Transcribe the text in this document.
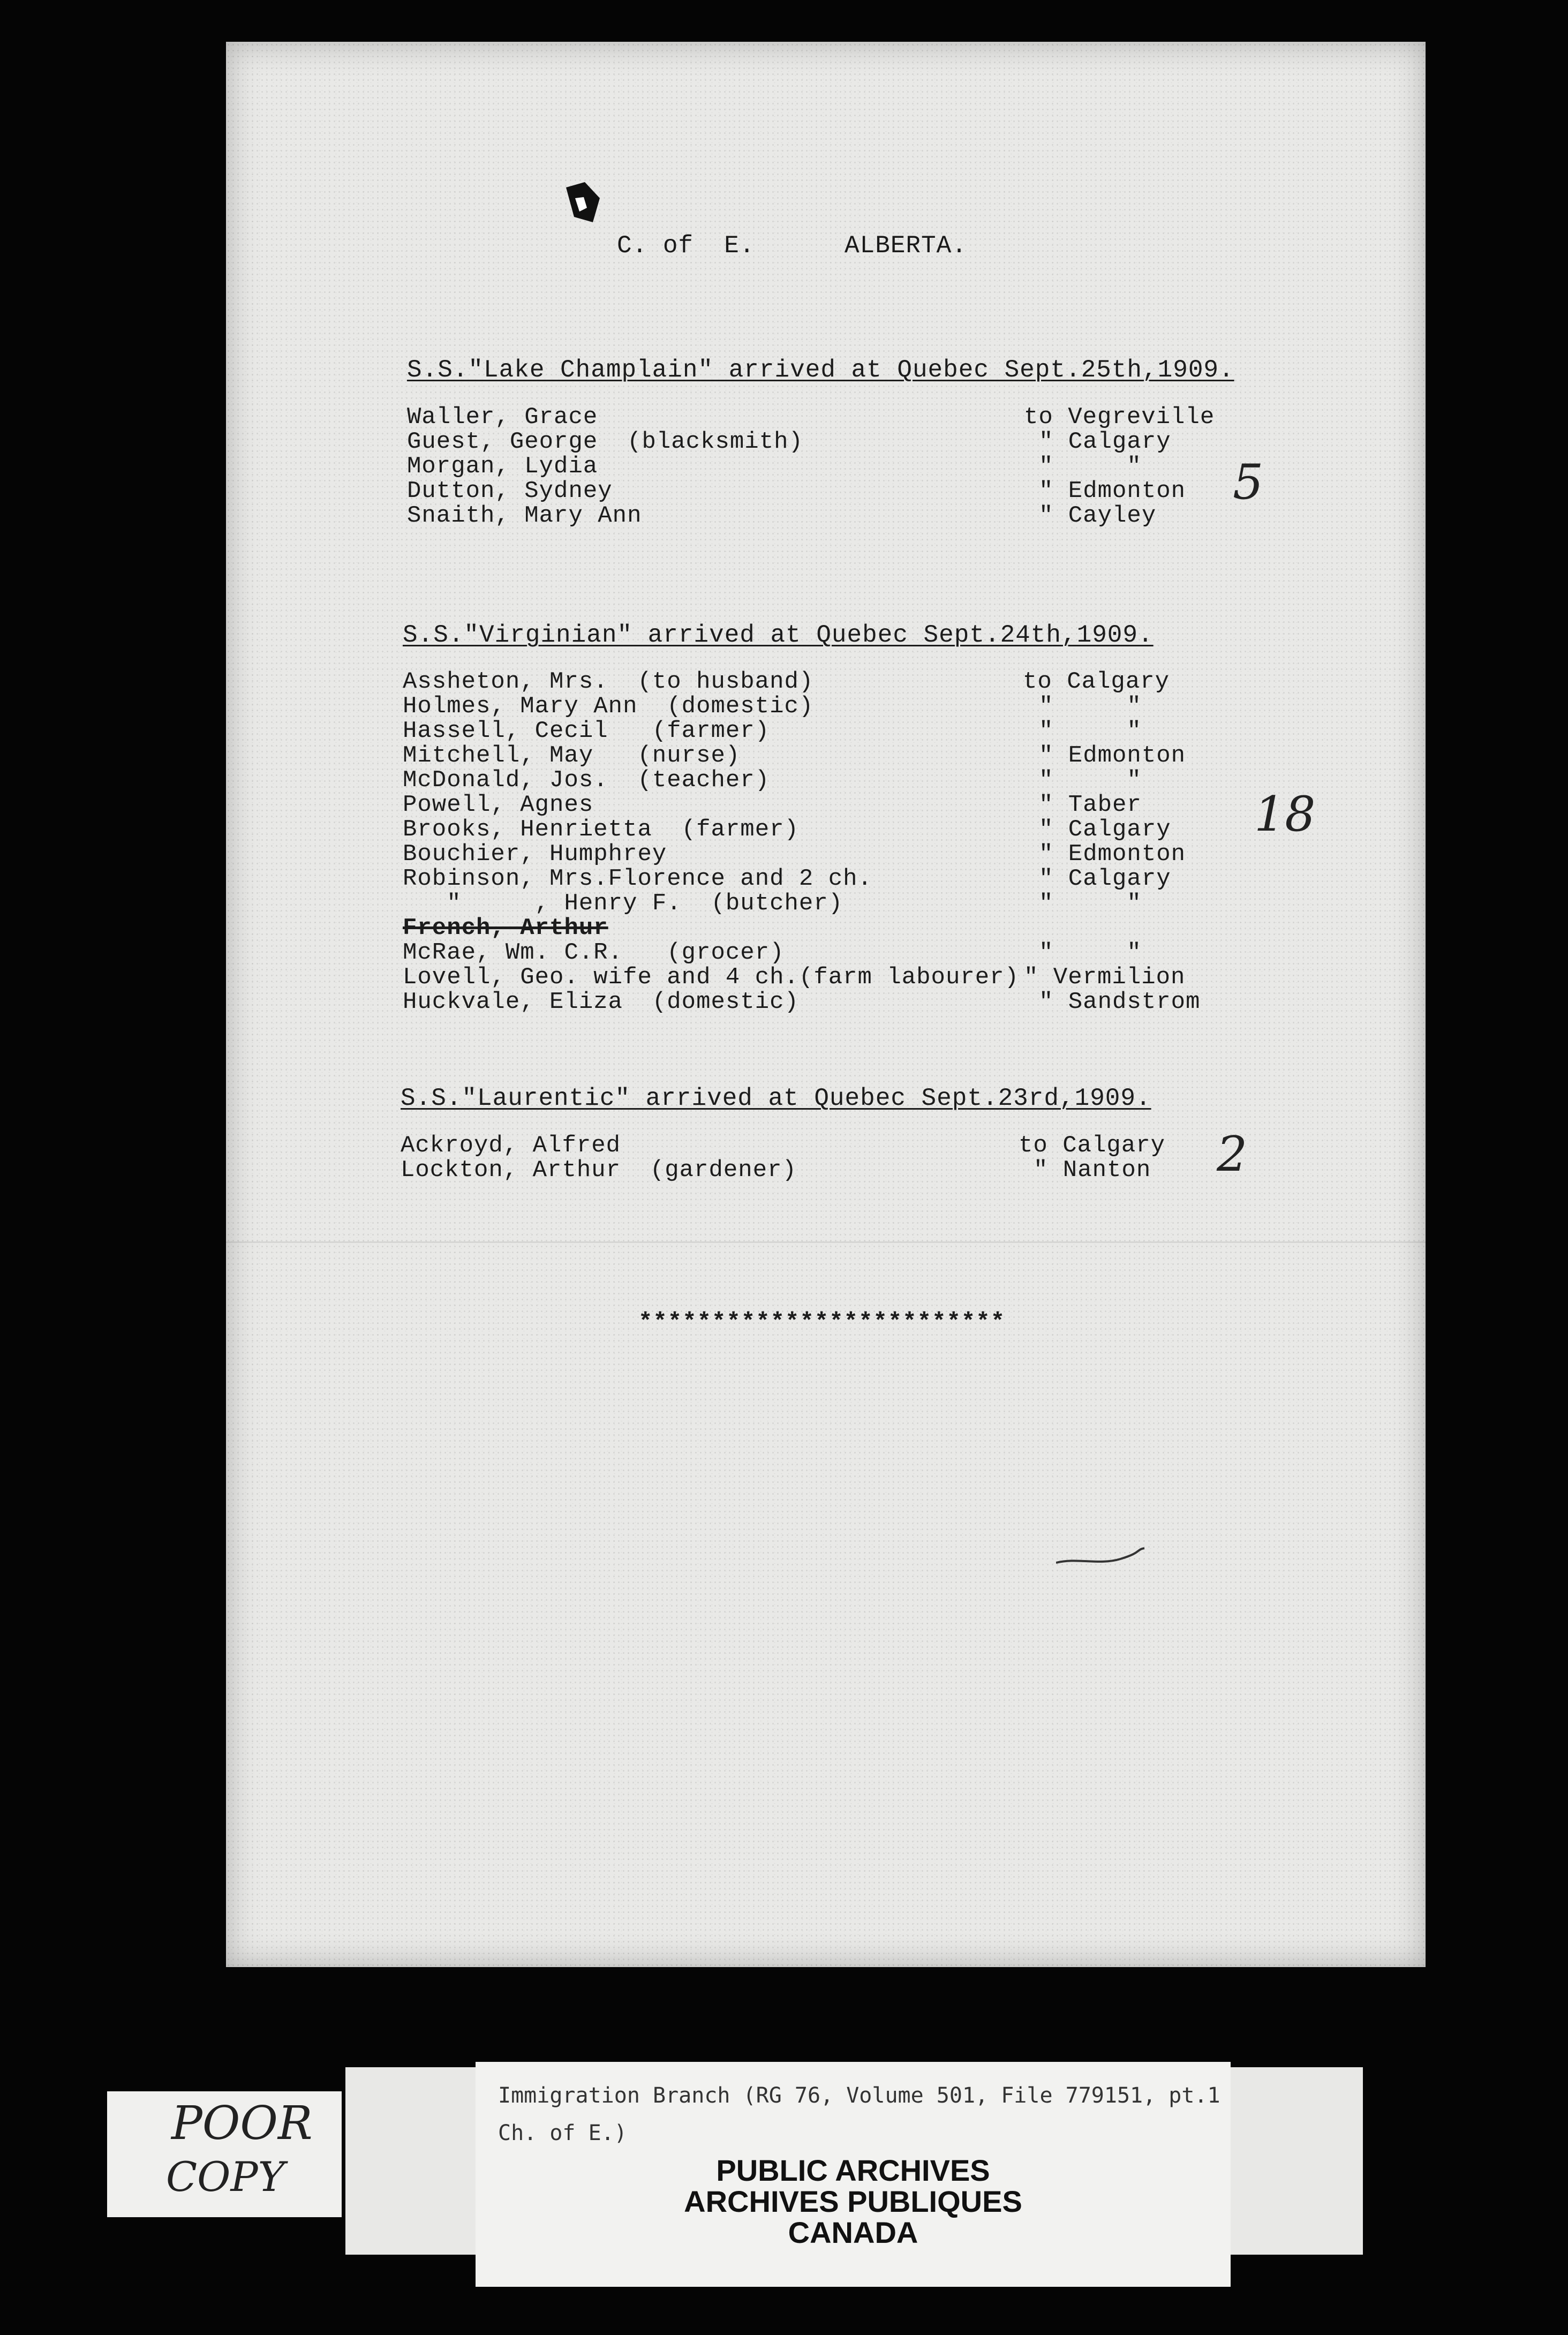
C. of  E.	ALBERTA.
S.S."Lake Champlain" arrived at Quebec Sept.25th,1909.
Waller, Grace	to Vegreville
Guest, George  (blacksmith)	" Calgary
Morgan, Lydia	"     "
Dutton, Sydney	" Edmonton
Snaith, Mary Ann	" Cayley
5
S.S."Virginian" arrived at Quebec Sept.24th,1909.
Assheton, Mrs.  (to husband)	to Calgary
Holmes, Mary Ann  (domestic)	"     "
Hassell, Cecil   (farmer)	"     "
Mitchell, May   (nurse)	" Edmonton
McDonald, Jos.  (teacher)	"     "
Powell, Agnes	" Taber
Brooks, Henrietta  (farmer)	" Calgary
Bouchier, Humphrey	" Edmonton
Robinson, Mrs.Florence and 2 ch.	" Calgary
"     , Henry F.  (butcher)	"     "
French, Arthur
McRae, Wm. C.R.   (grocer)	"     "
Lovell, Geo. wife and 4 ch.(farm labourer) " Vermilion
Huckvale, Eliza  (domestic)	" Sandstrom
18
S.S."Laurentic" arrived at Quebec Sept.23rd,1909.
Ackroyd, Alfred	to Calgary
Lockton, Arthur  (gardener)	" Nanton 2
*************************
POOR
COPY
Immigration Branch (RG 76, Volume 501, File 779151, pt.1
Ch. of E.)
PUBLIC ARCHIVES
ARCHIVES PUBLIQUES
CANADA
